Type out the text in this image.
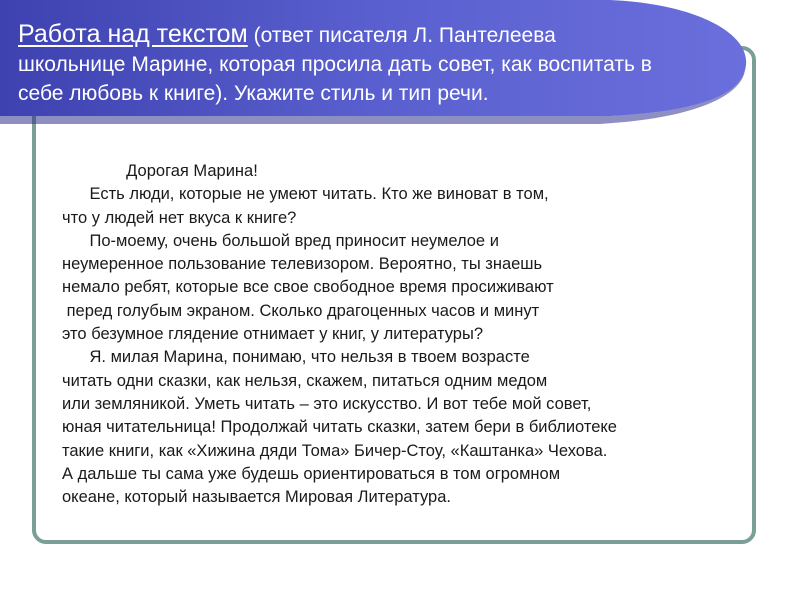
Работа над текстом (ответ писателя Л. Пантелеева
школьнице Марине, которая просила дать совет, как воспитать в
себе любовь к книге). Укажите стиль и тип речи.

Дорогая Марина!

Есть люди, которые не умеют читать. Кто же виноват в том,

что у людей нет вкуса к книге?

По-моему, очень большой вред приносит неумелое и

неумеренное пользование телевизором. Вероятно, ты знаешь

немало ребят, которые все свое свободное время просиживают

перед голубым экраном. Сколько драгоценных часов и минут

это безумное глядение отнимает у книг, у литературы?

Я. милая Марина, понимаю, что нельзя в твоем возрасте

читать одни сказки, как нельзя, скажем, питаться одним медом

или земляникой. Уметь читать – это искусство. И вот тебе мой совет,

юная читательница! Продолжай читать сказки, затем бери в библиотеке

такие книги, как «Хижина дяди Тома» Бичер-Стоу, «Каштанка» Чехова.

А дальше ты сама уже будешь ориентироваться в том огромном

океане, который называется Мировая Литература.
